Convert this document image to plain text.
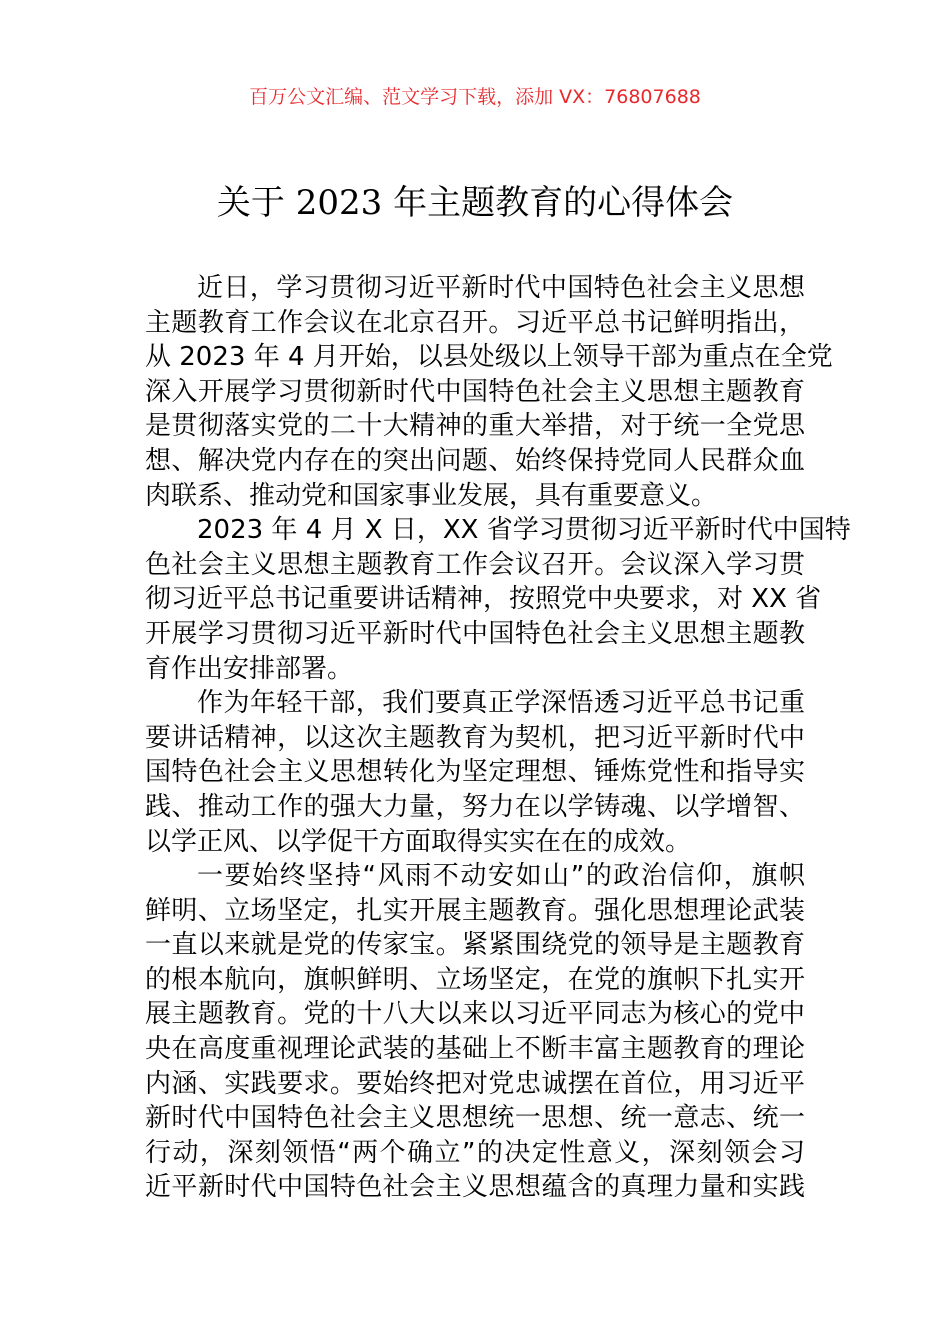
百万公文汇编、范文学习下载，添加 VX：76807688
关于 2023 年主题教育的心得体会
近日，学习贯彻习近平新时代中国特色社会主义思想
主题教育工作会议在北京召开。习近平总书记鲜明指出，
从 2023 年 4 月开始，以县处级以上领导干部为重点在全党
深入开展学习贯彻新时代中国特色社会主义思想主题教育
是贯彻落实党的二十大精神的重大举措，对于统一全党思
想、解决党内存在的突出问题、始终保持党同人民群众血
肉联系、推动党和国家事业发展，具有重要意义。
2023 年 4 月 X 日，XX 省学习贯彻习近平新时代中国特
色社会主义思想主题教育工作会议召开。会议深入学习贯
彻习近平总书记重要讲话精神，按照党中央要求，对 XX 省
开展学习贯彻习近平新时代中国特色社会主义思想主题教
育作出安排部署。
作为年轻干部，我们要真正学深悟透习近平总书记重
要讲话精神，以这次主题教育为契机，把习近平新时代中
国特色社会主义思想转化为坚定理想、锤炼党性和指导实
践、推动工作的强大力量，努力在以学铸魂、以学增智、
以学正风、以学促干方面取得实实在在的成效。
一要始终坚持“风雨不动安如山”的政治信仰，旗帜
鲜明、立场坚定，扎实开展主题教育。强化思想理论武装
一直以来就是党的传家宝。紧紧围绕党的领导是主题教育
的根本航向，旗帜鲜明、立场坚定，在党的旗帜下扎实开
展主题教育。党的十八大以来以习近平同志为核心的党中
央在高度重视理论武装的基础上不断丰富主题教育的理论
内涵、实践要求。要始终把对党忠诚摆在首位，用习近平
新时代中国特色社会主义思想统一思想、统一意志、统一
行动，深刻领悟“两个确立”的决定性意义，深刻领会习
近平新时代中国特色社会主义思想蕴含的真理力量和实践
